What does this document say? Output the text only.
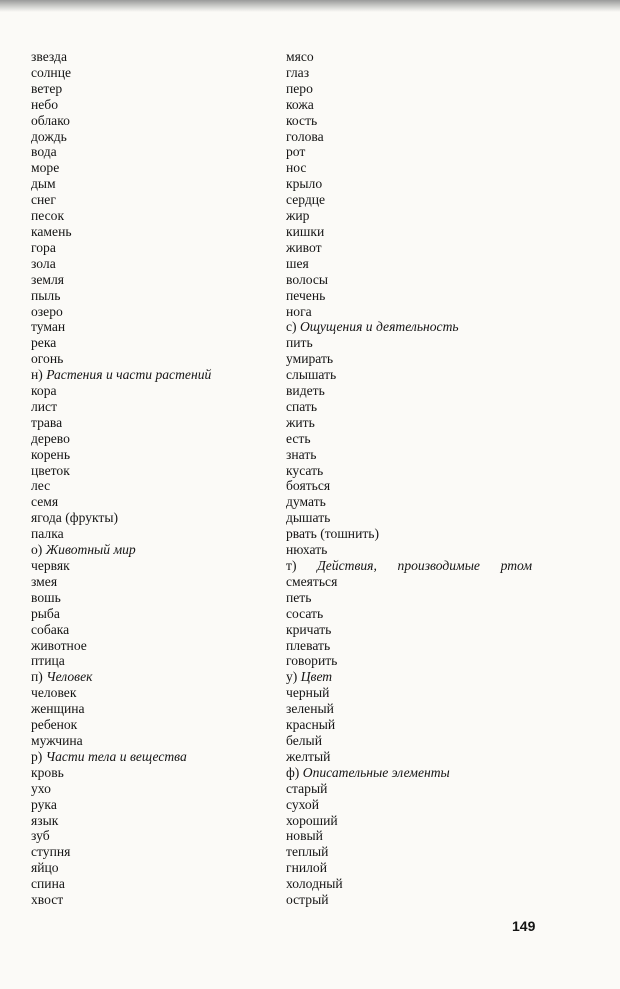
звезда
солнце
ветер
небо
облако
дождь
вода
море
дым
снег
песок
камень
гора
зола
земля
пыль
озеро
туман
река
огонь
н) Растения и части растений
кора
лист
трава
дерево
корень
цветок
лес
семя
ягода (фрукты)
палка
о) Животный мир
червяк
змея
вошь
рыба
собака
животное
птица
п) Человек
человек
женщина
ребенок
мужчина
р) Части тела и вещества
кровь
ухо
рука
язык
зуб
ступня
яйцо
спина
хвост
мясо
глаз
перо
кожа
кость
голова
рот
нос
крыло
сердце
жир
кишки
живот
шея
волосы
печень
нога
с) Ощущения и деятельность
пить
умирать
слышать
видеть
спать
жить
есть
знать
кусать
бояться
думать
дышать
рвать (тошнить)
нюхать
т) Действия, производимые ртом
смеяться
петь
сосать
кричать
плевать
говорить
у) Цвет
черный
зеленый
красный
белый
желтый
ф) Описательные элементы
старый
сухой
хороший
новый
теплый
гнилой
холодный
острый
149
